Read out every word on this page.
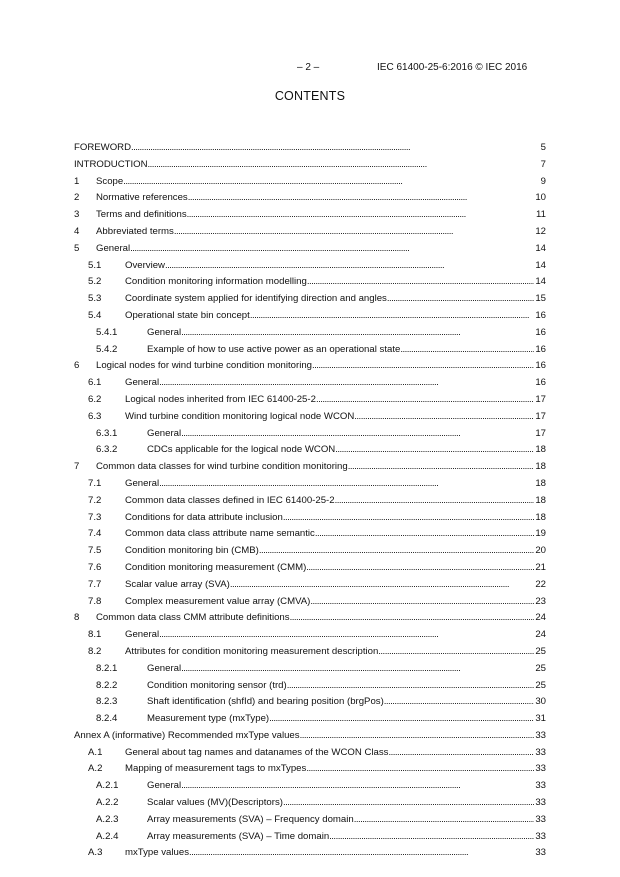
– 2 –	IEC 61400-25-6:2016 © IEC 2016
CONTENTS
FOREWORD . . .	5
INTRODUCTION . . .	7
1	Scope . . .	9
2	Normative references . . .	10
3	Terms and definitions . . .	11
4	Abbreviated terms . . .	12
5	General . . .	14
5.1	Overview . . .	14
5.2	Condition monitoring information modelling . . .	14
5.3	Coordinate system applied for identifying direction and angles . . .	15
5.4	Operational state bin concept . . .	16
5.4.1	General . . .	16
5.4.2	Example of how to use active power as an operational state . . .	16
6	Logical nodes for wind turbine condition monitoring . . .	16
6.1	General . . .	16
6.2	Logical nodes inherited from IEC 61400-25-2 . . .	17
6.3	Wind turbine condition monitoring logical node WCON . . .	17
6.3.1	General . . .	17
6.3.2	CDCs applicable for the logical node WCON . . .	18
7	Common data classes for wind turbine condition monitoring . . .	18
7.1	General . . .	18
7.2	Common data classes defined in IEC 61400-25-2 . . .	18
7.3	Conditions for data attribute inclusion . . .	18
7.4	Common data class attribute name semantic . . .	19
7.5	Condition monitoring bin (CMB) . . .	20
7.6	Condition monitoring measurement (CMM) . . .	21
7.7	Scalar value array (SVA) . . .	22
7.8	Complex measurement value array (CMVA) . . .	23
8	Common data class CMM attribute definitions . . .	24
8.1	General . . .	24
8.2	Attributes for condition monitoring measurement description . . .	25
8.2.1	General . . .	25
8.2.2	Condition monitoring sensor (trd) . . .	25
8.2.3	Shaft identification (shfId) and bearing position (brgPos) . . .	30
8.2.4	Measurement type (mxType) . . .	31
Annex A (informative) Recommended mxType values . . .	33
A.1	General about tag names and datanames of the WCON Class . . .	33
A.2	Mapping of measurement tags to mxTypes . . .	33
A.2.1	General . . .	33
A.2.2	Scalar values (MV)(Descriptors) . . .	33
A.2.3	Array measurements (SVA) – Frequency domain . . .	33
A.2.4	Array measurements (SVA) – Time domain . . .	33
A.3	mxType values . . .	33
